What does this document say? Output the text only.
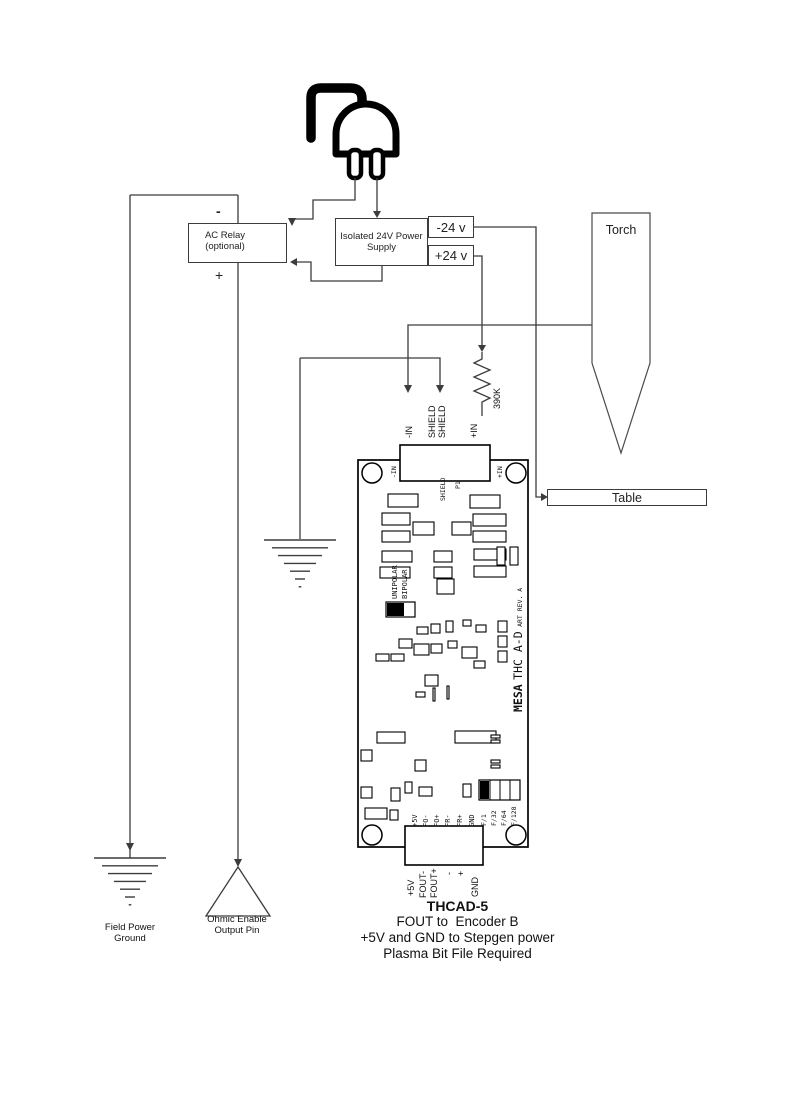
AC Relay
(optional)
-
+
Isolated 24V Power
Supply
-24 v
+24 v
Torch
Table
-IN SHIELD SHIELD +IN
390K
-IN	+IN
SHIELD P1
UNIPOLAR BIPOLAR
MESA THC A-D ART REV. A
+5V FO- FO+ FR- FR+ GND F/1 F/32 F/64 F/128
+5V FOUT- FOUT+ - +
GND
Field Power
Ground
Ohmic Enable
Output Pin
THCAD-5
FOUT to  Encoder B
+5V and GND to Stepgen power
Plasma Bit File Required
